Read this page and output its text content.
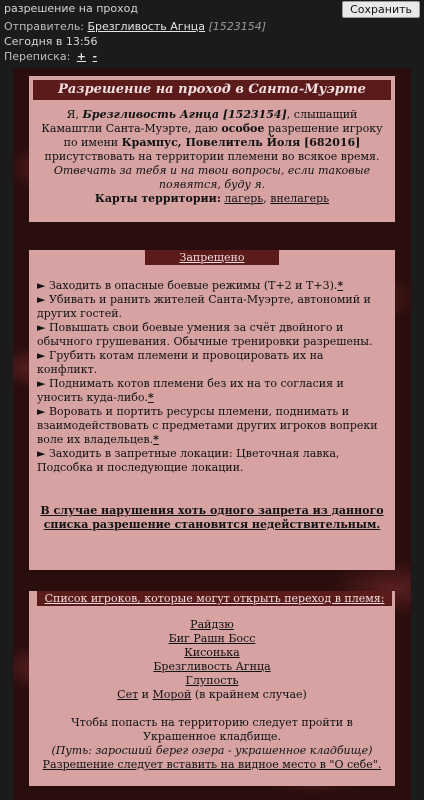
разрешение на проход	Сохранить
Отправитель: Брезгливость Агнца [1523154]
Сегодня в 13:56
Переписка: + -
Разрешение на проход в Санта-Муэрте
Я, Брезгливость Агнца [1523154], слышащий Камаштли Санта-Муэрте, даю особое разрешение игроку по имени Крампус, Повелитель Йоля [682016] присутствовать на территории племени во всякое время.
Отвечать за тебя и на твои вопросы, если таковые появятся, буду я.
Карты территории: лагерь, внелагерь
Запрещено
► Заходить в опасные боевые режимы (Т+2 и Т+3).*
► Убивать и ранить жителей Санта-Муэрте, автономий и других гостей.
► Повышать свои боевые умения за счёт двойного и обычного грушевания. Обычные тренировки разрешены.
► Грубить котам племени и провоцировать их на конфликт.
► Поднимать котов племени без их на то согласия и уносить куда-либо.*
► Воровать и портить ресурсы племени, поднимать и взаимодействовать с предметами других игроков вопреки воле их владельцев.*
► Заходить в запретные локации: Цветочная лавка, Подсобка и последующие локации.
В случае нарушения хоть одного запрета из данного списка разрешение становится недействительным.
Список игроков, которые могут открыть переход в племя:
Райдзю
Биг Рашн Босс
Кисонька
Брезгливость Агнца
Глупость
Сет и Морой (в крайнем случае)
Чтобы попасть на территорию следует пройти в Украшенное кладбище.
(Путь: заросший берег озера - украшенное кладбище)
Разрешение следует вставить на видное место в "О себе".
